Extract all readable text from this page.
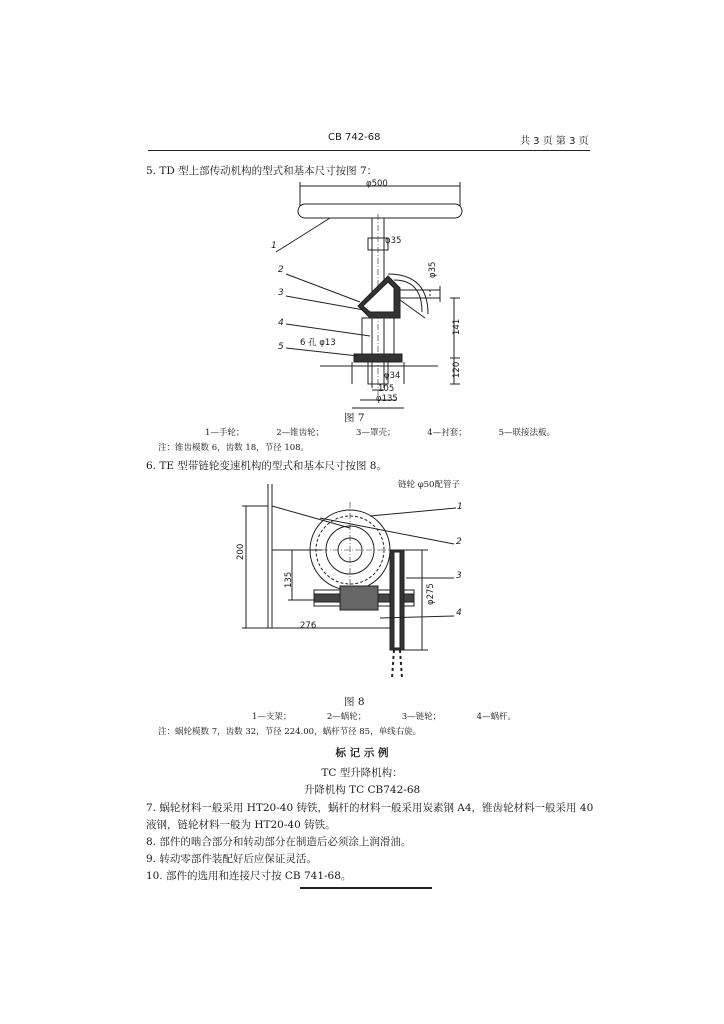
CB 742-68	共 3 页 第 3 页
5. TD 型上部传动机构的型式和基本尺寸按图 7：
1
2
3
4
5
φ500
φ35
φ35
6 孔 φ13
141
120
φ34
105
φ135
图 7
1—手轮；	2—锥齿轮；	3—罩壳；	4—衬套；	5—联接法板。
注：锥齿模数 6，齿数 18，节径 108。
6. TE 型带链轮变速机构的型式和基本尺寸按图 8。
链轮 φ50配管子
1
2
3
4
200
135
φ275
276
图 8
1—支架；	2—蜗轮；	3—链轮；	4—蜗杆。
注：蜗轮模数 7，齿数 32，节径 224.00，蜗杆节径 85，单线右旋。
标 记 示 例
TC 型升降机构：
升降机构 TC CB742-68
7. 蜗轮材料一般采用 HT20-40 铸铁，蜗杆的材料一般采用炭素钢 A4，锥齿轮材料一般采用 40
液钢，链轮材料一般为 HT20-40 铸铁。
8. 部件的啮合部分和转动部分在制造后必须涂上润滑油。
9. 转动零部件装配好后应保证灵活。
10. 部件的选用和连接尺寸按 CB 741-68。
